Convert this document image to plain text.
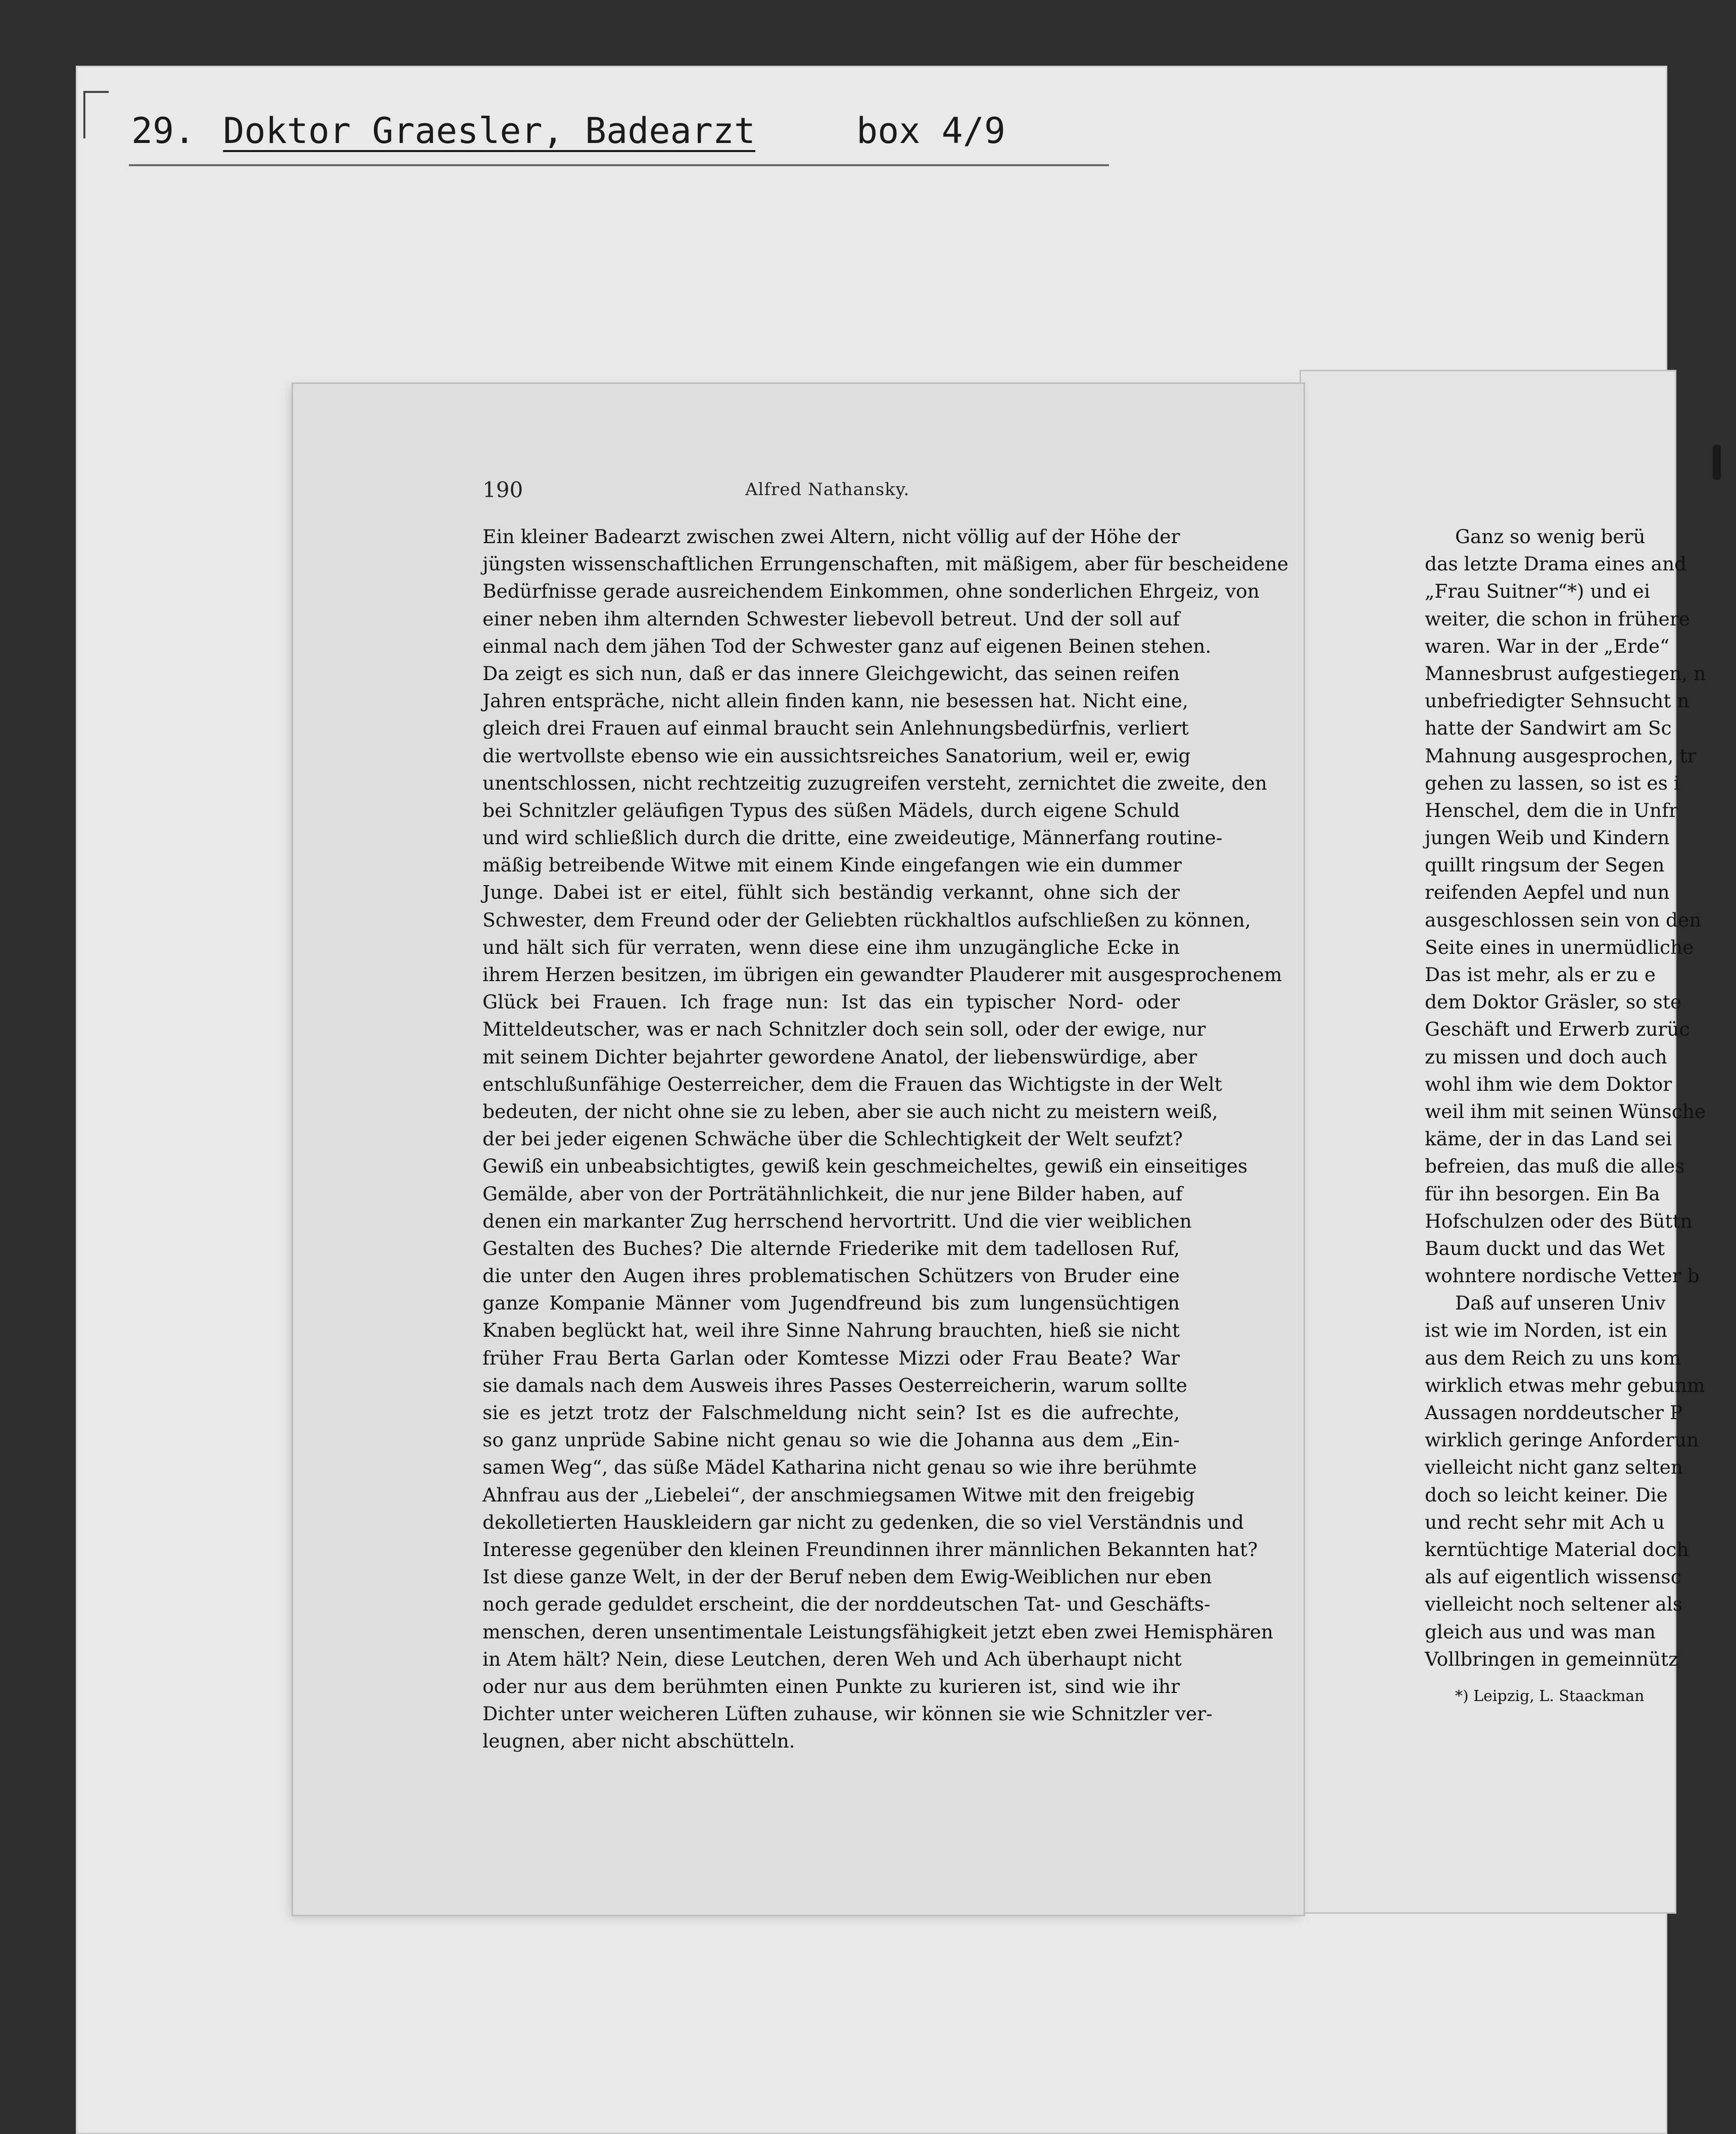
29. Doktor Graesler, Badearzt	box 4/9
Ganz so wenig berü
das letzte Drama eines and
„Frau Suitner“*) und ei
weiter, die schon in frühere
waren. War in der „Erde“
Mannesbrust aufgestiegen, n
unbefriedigter Sehnsucht n
hatte der Sandwirt am Sc
Mahnung ausgesprochen, tr
gehen zu lassen, so ist es i
Henschel, dem die in Unfr
jungen Weib und Kindern
quillt ringsum der Segen
reifenden Aepfel und nun
ausgeschlossen sein von den
Seite eines in unermüdliche
Das ist mehr, als er zu e
dem Doktor Gräsler, so ste
Geschäft und Erwerb zurüc
zu missen und doch auch
wohl ihm wie dem Doktor
weil ihm mit seinen Wünsche
käme, der in das Land sei
befreien, das muß die alles
für ihn besorgen. Ein Ba
Hofschulzen oder des Büttn
Baum duckt und das Wet
wohntere nordische Vetter b
Daß auf unseren Univ
ist wie im Norden, ist ein
aus dem Reich zu uns kom
wirklich etwas mehr gebunm
Aussagen norddeutscher P
wirklich geringe Anforderun
vielleicht nicht ganz selten
doch so leicht keiner. Die
und recht sehr mit Ach u
kerntüchtige Material doch
als auf eigentlich wissensc
vielleicht noch seltener als
gleich aus und was man
Vollbringen in gemeinnütz
*) Leipzig, L. Staackman
190	Alfred Nathansky.
Ein kleiner Badearzt zwischen zwei Altern, nicht völlig auf der Höhe der
jüngsten wissenschaftlichen Errungenschaften, mit mäßigem, aber für bescheidene
Bedürfnisse gerade ausreichendem Einkommen, ohne sonderlichen Ehrgeiz, von
einer neben ihm alternden Schwester liebevoll betreut. Und der soll auf
einmal nach dem jähen Tod der Schwester ganz auf eigenen Beinen stehen.
Da zeigt es sich nun, daß er das innere Gleichgewicht, das seinen reifen
Jahren entspräche, nicht allein finden kann, nie besessen hat. Nicht eine,
gleich drei Frauen auf einmal braucht sein Anlehnungsbedürfnis, verliert
die wertvollste ebenso wie ein aussichtsreiches Sanatorium, weil er, ewig
unentschlossen, nicht rechtzeitig zuzugreifen versteht, zernichtet die zweite, den
bei Schnitzler geläufigen Typus des süßen Mädels, durch eigene Schuld
und wird schließlich durch die dritte, eine zweideutige, Männerfang routine-
mäßig betreibende Witwe mit einem Kinde eingefangen wie ein dummer
Junge. Dabei ist er eitel, fühlt sich beständig verkannt, ohne sich der
Schwester, dem Freund oder der Geliebten rückhaltlos aufschließen zu können,
und hält sich für verraten, wenn diese eine ihm unzugängliche Ecke in
ihrem Herzen besitzen, im übrigen ein gewandter Plauderer mit ausgesprochenem
Glück bei Frauen. Ich frage nun: Ist das ein typischer Nord- oder
Mitteldeutscher, was er nach Schnitzler doch sein soll, oder der ewige, nur
mit seinem Dichter bejahrter gewordene Anatol, der liebenswürdige, aber
entschlußunfähige Oesterreicher, dem die Frauen das Wichtigste in der Welt
bedeuten, der nicht ohne sie zu leben, aber sie auch nicht zu meistern weiß,
der bei jeder eigenen Schwäche über die Schlechtigkeit der Welt seufzt?
Gewiß ein unbeabsichtigtes, gewiß kein geschmeicheltes, gewiß ein einseitiges
Gemälde, aber von der Porträtähnlichkeit, die nur jene Bilder haben, auf
denen ein markanter Zug herrschend hervortritt. Und die vier weiblichen
Gestalten des Buches? Die alternde Friederike mit dem tadellosen Ruf,
die unter den Augen ihres problematischen Schützers von Bruder eine
ganze Kompanie Männer vom Jugendfreund bis zum lungensüchtigen
Knaben beglückt hat, weil ihre Sinne Nahrung brauchten, hieß sie nicht
früher Frau Berta Garlan oder Komtesse Mizzi oder Frau Beate? War
sie damals nach dem Ausweis ihres Passes Oesterreicherin, warum sollte
sie es jetzt trotz der Falschmeldung nicht sein? Ist es die aufrechte,
so ganz unprüde Sabine nicht genau so wie die Johanna aus dem „Ein-
samen Weg“, das süße Mädel Katharina nicht genau so wie ihre berühmte
Ahnfrau aus der „Liebelei“, der anschmiegsamen Witwe mit den freigebig
dekolletierten Hauskleidern gar nicht zu gedenken, die so viel Verständnis und
Interesse gegenüber den kleinen Freundinnen ihrer männlichen Bekannten hat?
Ist diese ganze Welt, in der der Beruf neben dem Ewig-Weiblichen nur eben
noch gerade geduldet erscheint, die der norddeutschen Tat- und Geschäfts-
menschen, deren unsentimentale Leistungsfähigkeit jetzt eben zwei Hemisphären
in Atem hält? Nein, diese Leutchen, deren Weh und Ach überhaupt nicht
oder nur aus dem berühmten einen Punkte zu kurieren ist, sind wie ihr
Dichter unter weicheren Lüften zuhause, wir können sie wie Schnitzler ver-
leugnen, aber nicht abschütteln.
